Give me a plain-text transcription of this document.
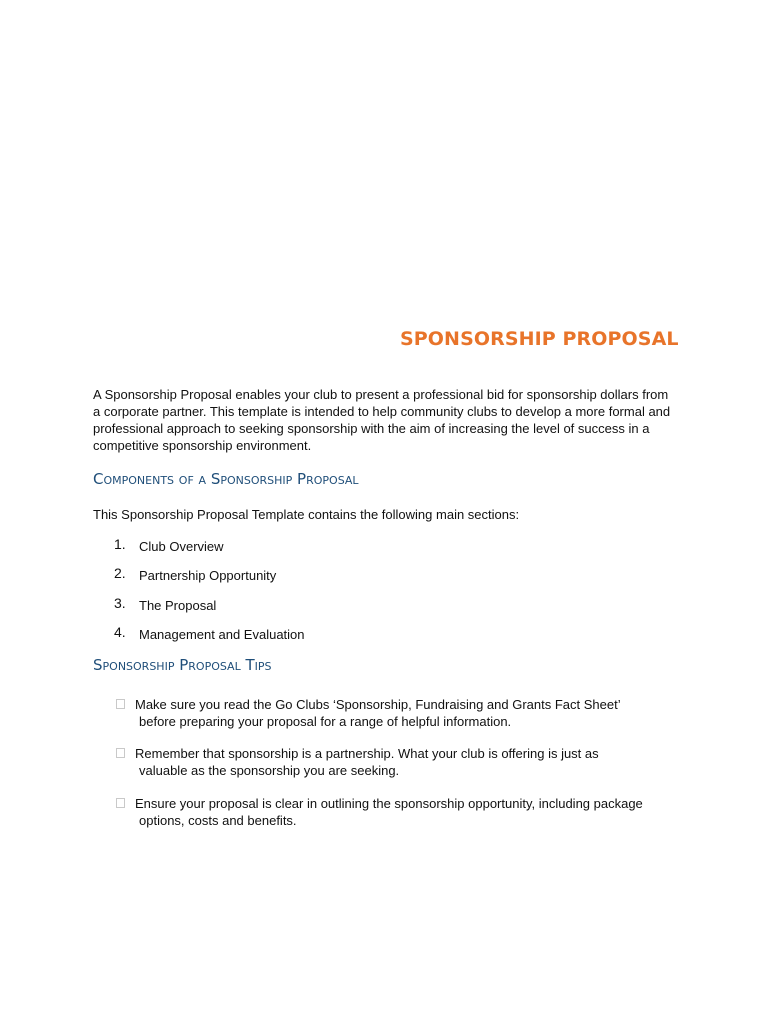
SPONSORSHIP PROPOSAL

A Sponsorship Proposal enables your club to present a professional bid for sponsorship dollars from a corporate partner. This template is intended to help community clubs to develop a more formal and professional approach to seeking sponsorship with the aim of increasing the level of success in a competitive sponsorship environment.

Components of a Sponsorship Proposal

This Sponsorship Proposal Template contains the following main sections:

1. Club Overview
2. Partnership Opportunity
3. The Proposal
4. Management and Evaluation
Sponsorship Proposal Tips
Make sure you read the Go Clubs ‘Sponsorship, Fundraising and Grants Fact Sheet’
before preparing your proposal for a range of helpful information.
Remember that sponsorship is a partnership. What your club is offering is just as
valuable as the sponsorship you are seeking.
Ensure your proposal is clear in outlining the sponsorship opportunity, including package
options, costs and benefits.
